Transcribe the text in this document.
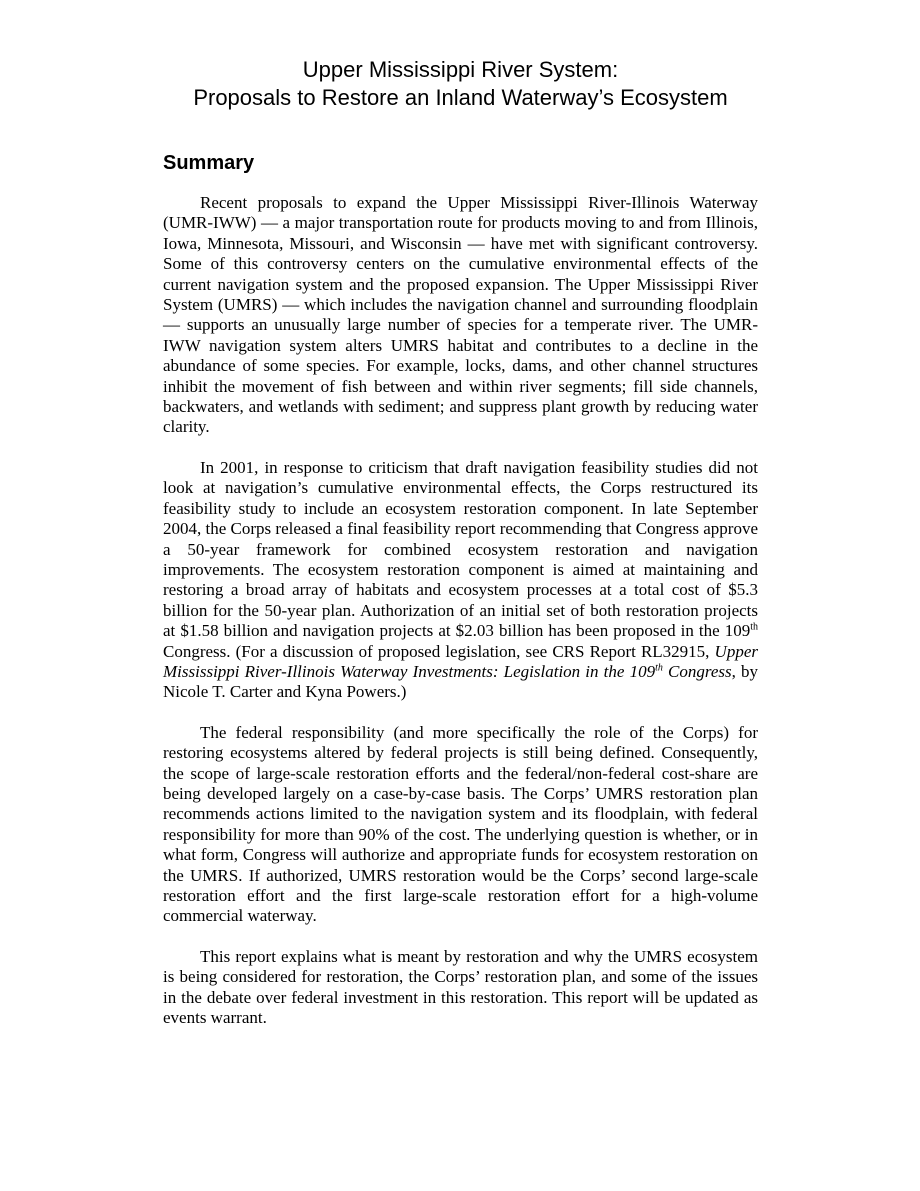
Upper Mississippi River System:
Proposals to Restore an Inland Waterway’s Ecosystem
Summary

Recent proposals to expand the Upper Mississippi River-Illinois Waterway (UMR-IWW) — a major transportation route for products moving to and from Illinois, Iowa, Minnesota, Missouri, and Wisconsin — have met with significant controversy. Some of this controversy centers on the cumulative environmental effects of the current navigation system and the proposed expansion. The Upper Mississippi River System (UMRS) — which includes the navigation channel and surrounding floodplain — supports an unusually large number of species for a temperate river. The UMR-IWW navigation system alters UMRS habitat and contributes to a decline in the abundance of some species. For example, locks, dams, and other channel structures inhibit the movement of fish between and within river segments; fill side channels, backwaters, and wetlands with sediment; and suppress plant growth by reducing water clarity.

In 2001, in response to criticism that draft navigation feasibility studies did not look at navigation’s cumulative environmental effects, the Corps restructured its feasibility study to include an ecosystem restoration component. In late September 2004, the Corps released a final feasibility report recommending that Congress approve a 50-year framework for combined ecosystem restoration and navigation improvements. The ecosystem restoration component is aimed at maintaining and restoring a broad array of habitats and ecosystem processes at a total cost of $5.3 billion for the 50-year plan. Authorization of an initial set of both restoration projects at $1.58 billion and navigation projects at $2.03 billion has been proposed in the 109th Congress. (For a discussion of proposed legislation, see CRS Report RL32915, Upper Mississippi River-Illinois Waterway Investments: Legislation in the 109th Congress, by Nicole T. Carter and Kyna Powers.)

The federal responsibility (and more specifically the role of the Corps) for restoring ecosystems altered by federal projects is still being defined. Consequently, the scope of large-scale restoration efforts and the federal/non-federal cost-share are being developed largely on a case-by-case basis. The Corps’ UMRS restoration plan recommends actions limited to the navigation system and its floodplain, with federal responsibility for more than 90% of the cost. The underlying question is whether, or in what form, Congress will authorize and appropriate funds for ecosystem restoration on the UMRS. If authorized, UMRS restoration would be the Corps’ second large-scale restoration effort and the first large-scale restoration effort for a high-volume commercial waterway.

This report explains what is meant by restoration and why the UMRS ecosystem is being considered for restoration, the Corps’ restoration plan, and some of the issues in the debate over federal investment in this restoration. This report will be updated as events warrant.
